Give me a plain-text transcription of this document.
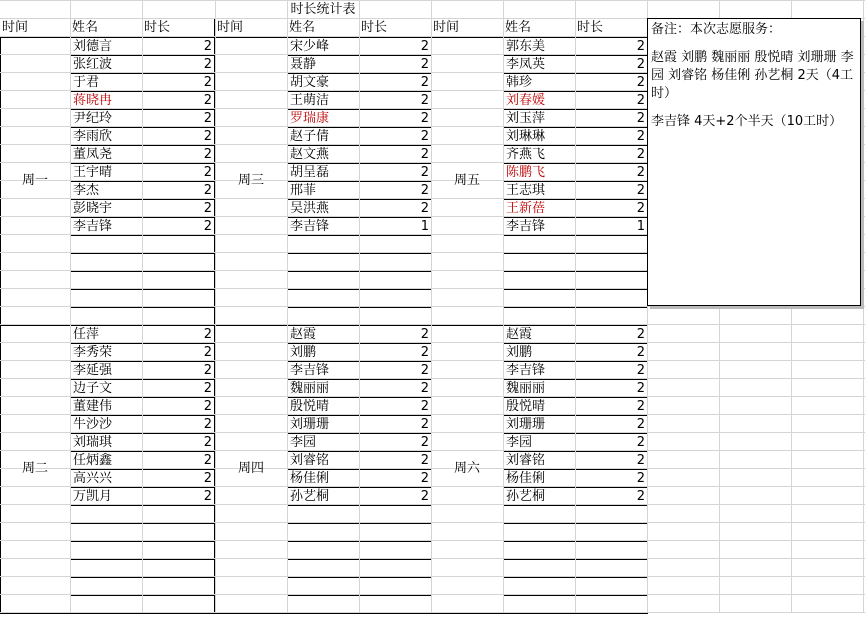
时长统计表
时间	姓名	时长	时间	姓名	时长	时间	姓名	时长	备注：本次志愿服务：

赵霞 刘鹏 魏丽丽 殷悦晴 刘珊珊 李园 刘睿铭 杨佳俐 孙艺桐 2天（4工时）

李吉锋 4天+2个半天（10工时）

周一
刘德言	2
张红波	2
于君	2
蒋晓冉	2
尹纪玲	2
李雨欣	2
董凤尧	2
王宇晴	2
李杰	2
彭晓宇	2
李吉锋	2
周三
宋少峰	2
聂静	2
胡文豪	2
王萌洁	2
罗瑞康	2
赵子倩	2
赵文燕	2
胡呈磊	2
邢菲	2
吴洪燕	2
李吉锋	1
周五
郭东美	2
李凤英	2
韩珍	2
刘春媛	2
刘玉萍	2
刘琳琳	2
齐燕飞	2
陈鹏飞	2
王志琪	2
王新蓓	2
李吉锋	1
周二
任萍	2
李秀荣	2
李延强	2
边子文	2
董建伟	2
牛沙沙	2
刘瑞琪	2
任炳鑫	2
高兴兴	2
万凯月	2
周四
赵霞	2
刘鹏	2
李吉锋	2
魏丽丽	2
殷悦晴	2
刘珊珊	2
李园	2
刘睿铭	2
杨佳俐	2
孙艺桐	2
周六
赵霞	2
刘鹏	2
李吉锋	2
魏丽丽	2
殷悦晴	2
刘珊珊	2
李园	2
刘睿铭	2
杨佳俐	2
孙艺桐	2
